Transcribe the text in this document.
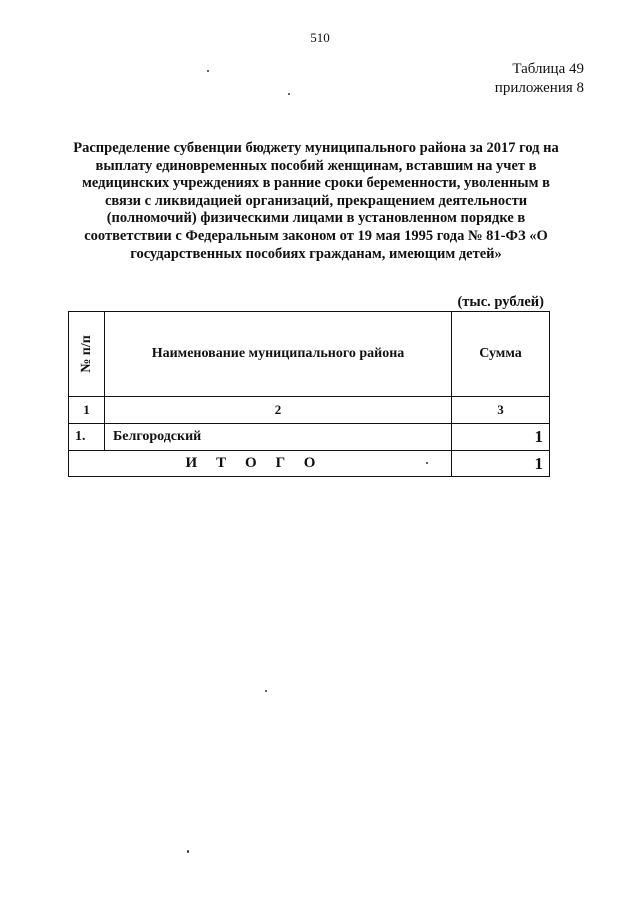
510
Таблица 49
приложения 8
Распределение субвенции бюджету муниципального района за 2017 год на выплату единовременных пособий женщинам, вставшим на учет в медицинских учреждениях в ранние сроки беременности, уволенным в связи с ликвидацией организаций, прекращением деятельности (полномочий) физическими лицами в установленном порядке в соответствии с Федеральным законом от 19 мая 1995 года № 81-ФЗ «О государственных пособиях гражданам, имеющим детей»
(тыс. рублей)
№ п/п	Наименование муниципального района	Сумма
1	2	3
1.	Белгородский	1
ИТОГО		1
